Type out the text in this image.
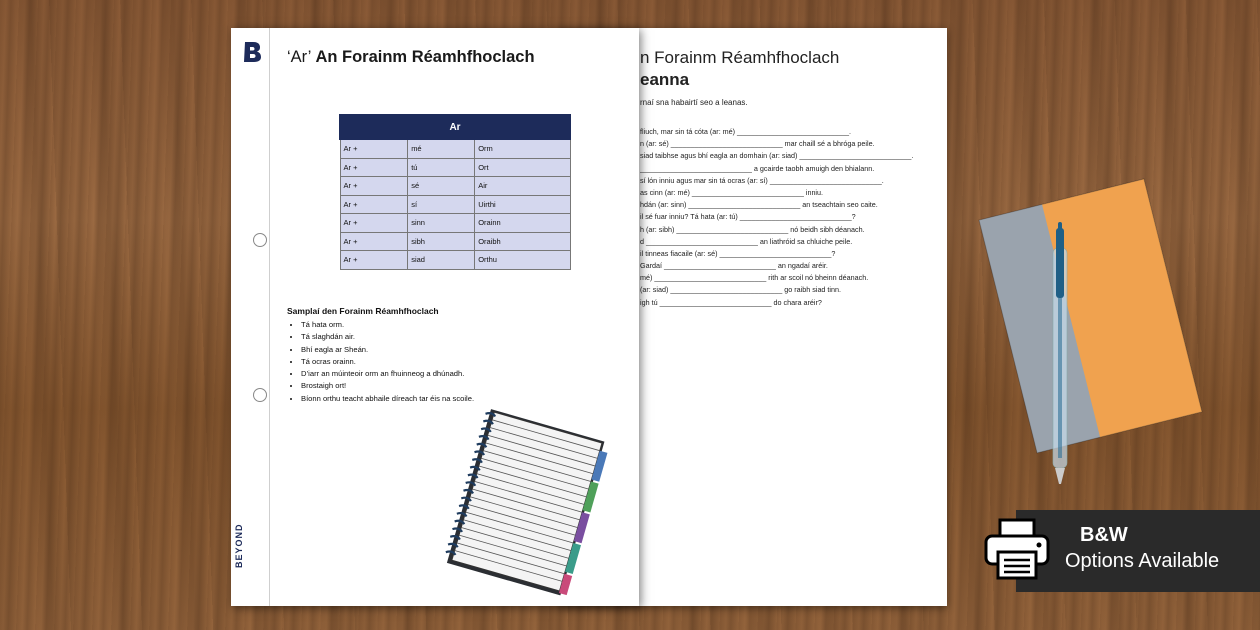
n Forainm Réamhfhoclach
eanna
rnaí sna habairtí seo a leanas.
fliuch, mar sin tá cóta (ar: mé) ____________________________.
n (ar: sé) ____________________________ mar chaill sé a bhróga peile.
siad taibhse agus bhí eagla an domhain (ar: siad) ____________________________.
____________________________ a gcairde taobh amuigh den bhialann.
sí lón inniu agus mar sin tá ocras (ar: sí) ____________________________.
as cinn (ar: mé) ____________________________ inniu.
hdán (ar: sinn) ____________________________ an tseachtain seo caite.
il sé fuar inniu? Tá hata (ar: tú) ____________________________?
h (ar: sibh) ____________________________ nó beidh sibh déanach.
d ____________________________ an liathróid sa chluiche peile.
il tinneas fiacaile (ar: sé) ____________________________?
Gardaí ____________________________ an ngadaí aréir.
mé) ____________________________ rith ar scoil nó bheinn déanach.
(ar: siad) ____________________________ go raibh siad tinn.
igh tú ____________________________ do chara aréir?
BEYOND
‘Ar’ An Forainm Réamhfhoclach
Ar		
Ar +	mé	Orm
Ar +	tú	Ort
Ar +	sé	Air
Ar +	sí	Uirthi
Ar +	sinn	Orainn
Ar +	sibh	Oraibh
Ar +	siad	Orthu
Samplaí den Forainm Réamhfhoclach
• Tá hata orm.
• Tá slaghdán air.
• Bhí eagla ar Sheán.
• Tá ocras orainn.
• D’iarr an múinteoir orm an fhuinneog a dhúnadh.
• Brostaigh ort!
• Bíonn orthu teacht abhaile díreach tar éis na scoile.
B&W
Options Available
